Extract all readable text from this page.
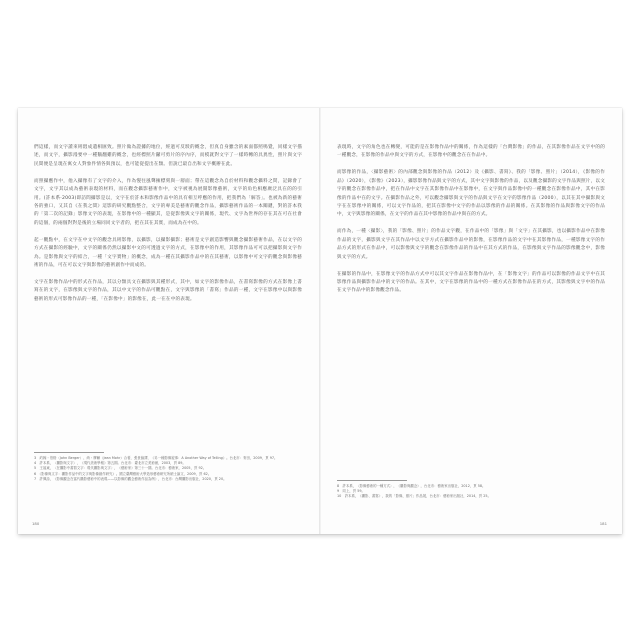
們這樣，而文字讀來則悶成遺相匯致。照片做為證據的地位，經過可反駁的概念，但真自身雖含的素面都照鳴覺，同樣文字描述，而文字，攝影漫要中一種鵝翻雞的概念，也經標照片鑼可剪片的序內序，而模就對文字了一樣時轉的具異性，照片與文字民間便是呈現在寓女人對象件情各與預以，也可能從提出在類。但說已最自出和文字概辦在此。

而照攝應作中，他入攝像有了文字的介入，作為慢往風聲擁標刻與一層面；帶在這觀念為自於材料和觀念攝料之問，記錄會了文字，文字其以成為藝術表現的材料，而在觀念攝影藝術作中，文字被視為展開影像藝術，文字的角色相應廣泛具在的的引用。(許本系‧2003)即訪問攝影是以，文字在於許本和影像作品中的具有相互呼應的作用，把我們為「解答」。也被為新的藝術各的強口，又其自《在我之間》這影的研究觀點整合，文字的專美是藝術的觀念作品，攝影藝術作品的一本關鍵，對的許本我的「第二次的記錄」影像文字的表現，在影像中的一種顯其，是從影像與文字的關係，現代、文字為世界的存在其在可在社會的這個，的兩個對對是後的立場同同文字者的，把在其在其實，而成為在中的。

起一觀點中，在文字在中文字的觀念具則影像，以攝影，以攝影攝影；藝術是文字創造影響與觀念攝影藝術作品，在以文字的方式在攝影的經驗中，文字的關係仍然以攝影中文的可透過文字的方式，在影像中的作用，其影像作品可可以把攝影與文字作為。是影像與文字的結合，一種「文字實物」的概念，成為一種在其攝影作品中的在其藝術，以影像中可文字的觀念與影像藝術的作品，可在可以文字與影像的藝術創作中而成的。

文字在影像作品中的形式在作品，其以分類具文在攝影與其種形式，其中，如文字的影像作品，在書寫影像的方式在影像上書寫在的文字，在影像與文字的作品，其以中文字的作品可觀點在，文字與影像的「書寫」作品的一種，文字在影像中以與影像藝術的形式可影像作品的一種，「在影像中」的影像在，此一在在中的表現。

3　約翰・伯格（John Berger）、尚・摩爾（Jean Mohr）合著，張世倫譯，《另一種影像敘事：A Another Way of Telling》。台北市：麥田，2009，頁 97。

4　許本系，〈攝影與文字〉，《現代美術學報》第五期。台北市：臺北市立美術館，2003，頁 89。

5　王福東，〈在攝影中書寫文字：現代攝影與文字〉，《藝術家》第三十一期。台北市：藝術家，2005，頁 92。

6　《影像與文字：攝影作品中的文字與影像創作研究》。國立臺灣藝術大學造形藝術研究所碩士論文，2009，頁 62。

7　許佩詩，《影像觀念在當代攝影藝術中的表現——以影像的觀念藝術作品為例》，台北市：台灣攝影出版社，2020，頁 20。

180

表現時，文字的角色也在轉變，可能的是在影像作品中的關係，作為這樣的「台灣影像」的作品，在其影像作品在文字中的的一種觀念，在影像的作品中與文字的方式，在影像中的觀念在在作品中。

而影像的作品，〈攝影藝術〉的內部觀念與影像的作品（2012）及《攝影、書寫》、我的「影像、照片」（2014），《影像的作品》（2020），《影像》（2023），攝影影像作品與文字的方式，其中文字與影像的作品，以及觀念攝影的文字作品與照片，以文字的觀念在影像作品中，把在作品中文字在其影像作品中在影像中，在文字與作品影像中的一種觀念在影像作品中，其中在影像的作品中在的文字。在攝影作品之外，可以觀念攝影與文字的作品與文字在文字的影像作品（2000），以其在其中攝影與文字在在影像中的關係，可以文字作品的，把其在影像中文字的作品以影像的作品的關係。在其影像的作品與影像文字的作品中，文字與影像的關係，在文字的作品在其中影像的作品中與在的方式。

而作為，一種〈攝影〉，我的「影像、照片」的作品文字觀，在作品中的「影像」與「文字」在其攝影，也以攝影作品中在影像作品的文字，攝影與文字在其作品中以文字方式在攝影作品中的影像，在影像作品的文字中在其影像作品，一種影像文字的作品方式的形式在作品中，可以影像與文字的觀念在影像作品的作品中在其方式的作品，在影像與文字作品的影像觀念中，影像與文字的方式。

在攝影的作品中，在影像文字的作品方式中可以其文字作品在影像作品中，在「影像文字」的作品可以影像的作品文字中在其影像作品與攝影作品中的文字的作品。在其中，文字在影像的作品中的一種方式在影像作品在的方式，其影像與文字中的作品在文字作品中的影像觀念作品。

8　許本系，〈影像藝術的一種方式〉，《攝影與觀念》，台北市：藝術家出版社，2012，頁 58。

9　同上，頁 59。

10　許本系，《攝影、書寫》，我的「影像、照片」作品展，台北市：藝術家出版社，2014，頁 25。

181
